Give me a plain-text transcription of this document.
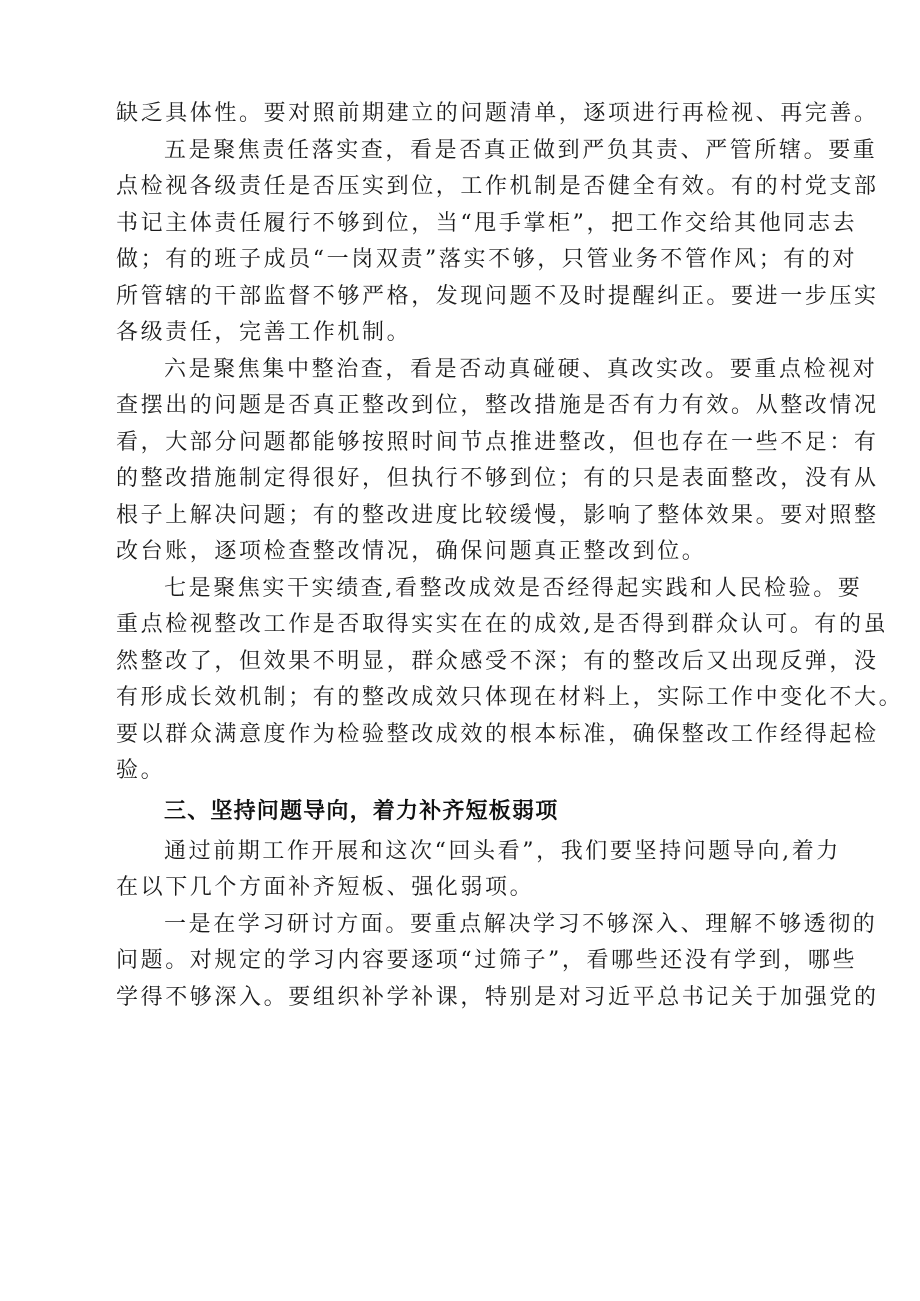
缺乏具体性。要对照前期建立的问题清单，逐项进行再检视、再完善。

五是聚焦责任落实查，看是否真正做到严负其责、严管所辖。要重
点检视各级责任是否压实到位，工作机制是否健全有效。有的村党支部
书记主体责任履行不够到位，当“甩手掌柜”，把工作交给其他同志去
做；有的班子成员“一岗双责”落实不够，只管业务不管作风；有的对
所管辖的干部监督不够严格，发现问题不及时提醒纠正。要进一步压实
各级责任，完善工作机制。

六是聚焦集中整治查，看是否动真碰硬、真改实改。要重点检视对
查摆出的问题是否真正整改到位，整改措施是否有力有效。从整改情况
看，大部分问题都能够按照时间节点推进整改，但也存在一些不足：有
的整改措施制定得很好，但执行不够到位；有的只是表面整改，没有从
根子上解决问题；有的整改进度比较缓慢，影响了整体效果。要对照整
改台账，逐项检查整改情况，确保问题真正整改到位。

七是聚焦实干实绩查,看整改成效是否经得起实践和人民检验。要
重点检视整改工作是否取得实实在在的成效,是否得到群众认可。有的虽
然整改了，但效果不明显，群众感受不深；有的整改后又出现反弹，没
有形成长效机制；有的整改成效只体现在材料上，实际工作中变化不大。
要以群众满意度作为检验整改成效的根本标准，确保整改工作经得起检
验。

三、坚持问题导向，着力补齐短板弱项

通过前期工作开展和这次“回头看”，我们要坚持问题导向,着力
在以下几个方面补齐短板、强化弱项。

一是在学习研讨方面。要重点解决学习不够深入、理解不够透彻的
问题。对规定的学习内容要逐项“过筛子”，看哪些还没有学到，哪些
学得不够深入。要组织补学补课，特别是对习近平总书记关于加强党的
